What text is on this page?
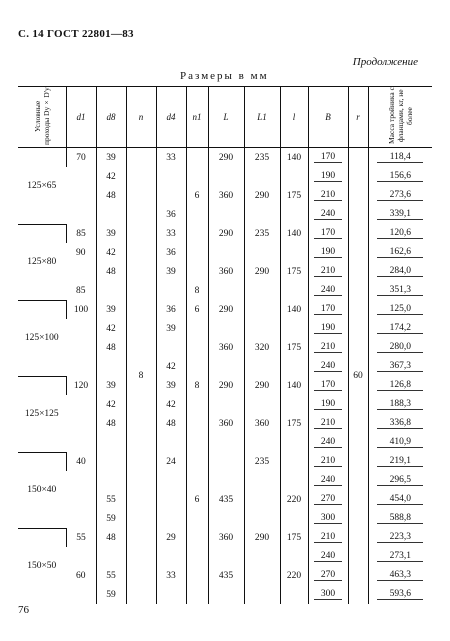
С. 14 ГОСТ 22801—83
Продолжение
Размеры в мм
Условные проходы Dу×D'у	d1	d8	n	d4	n1	L	L1	l	B	r	Масса тройника с фланцами, кг, не более
125×65	70	39	8	33		290	235	140	170	60	118,4
		42							190		156,6
		48			6	360	290	175	210		273,6
				36					240		339,1
125×80	85	39		33		290	235	140	170		120,6
	90	42		36					190		162,6
		48		39		360	290	175	210		284,0
	85				8				240		351,3
125×100	100	39		36	6	290		140	170		125,0
		42		39					190		174,2
		48				360	320	175	210		280,0
				42					240		367,3
125×125	120	39		39	8	290	290	140	170		126,8
		42		42					190		188,3
		48		48		360	360	175	210		336,8
									240		410,9
150×40	40			24			235		210		219,1
									240		296,5
		55			6	435		220	270		454,0
		59							300		588,8
150×50	55	48		29		360	290	175	210		223,3
									240		273,1
	60	55		33		435		220	270		463,3
		59							300		593,6
76
